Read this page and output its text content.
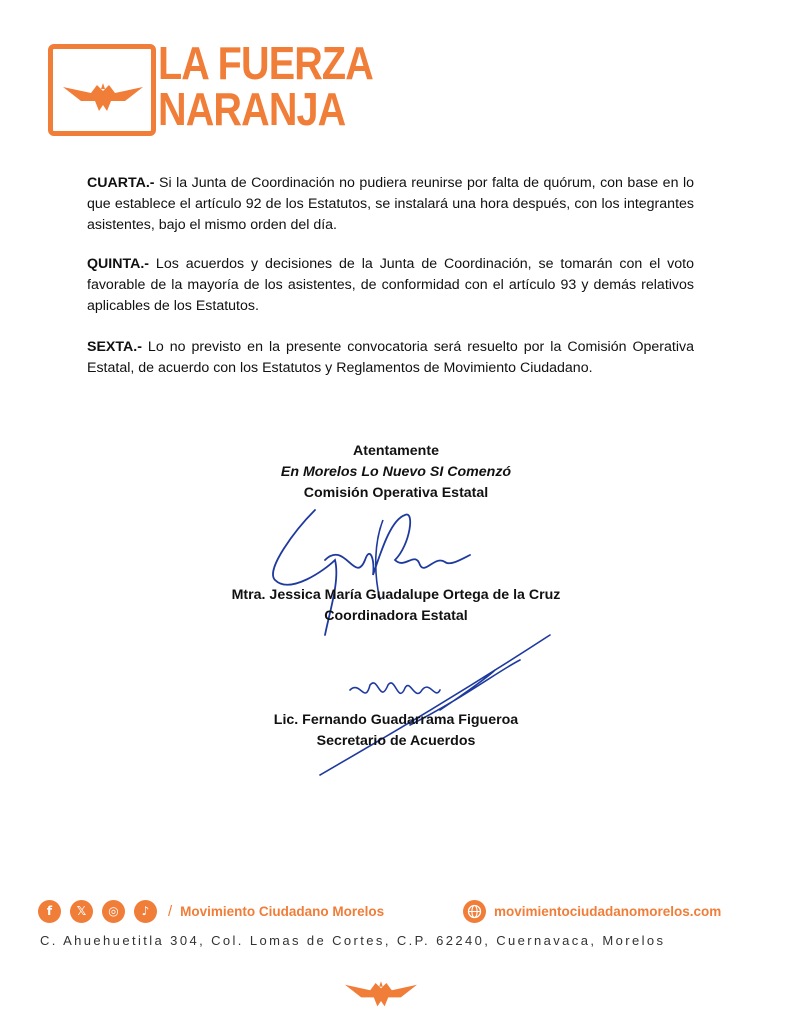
LA FUERZA
NARANJA
CUARTA.- Si la Junta de Coordinación no pudiera reunirse por falta de quórum, con base en lo que establece el artículo 92 de los Estatutos, se instalará una hora después, con los integrantes asistentes, bajo el mismo orden del día.
QUINTA.- Los acuerdos y decisiones de la Junta de Coordinación, se tomarán con el voto favorable de la mayoría de los asistentes, de conformidad con el artículo 93 y demás relativos aplicables de los Estatutos.
SEXTA.- Lo no previsto en la presente convocatoria será resuelto por la Comisión Operativa Estatal, de acuerdo con los Estatutos y Reglamentos de Movimiento Ciudadano.
Atentamente
En Morelos Lo Nuevo SI Comenzó
Comisión Operativa Estatal
Mtra. Jessica María Guadalupe Ortega de la Cruz
Coordinadora Estatal
Lic. Fernando Guadarrama Figueroa
Secretario de Acuerdos
f	𝕏	◎	♪	/ Movimiento Ciudadano Morelos	movimientociudadanomorelos.com
C. Ahuehuetitla 304, Col. Lomas de Cortes, C.P. 62240, Cuernavaca, Morelos
